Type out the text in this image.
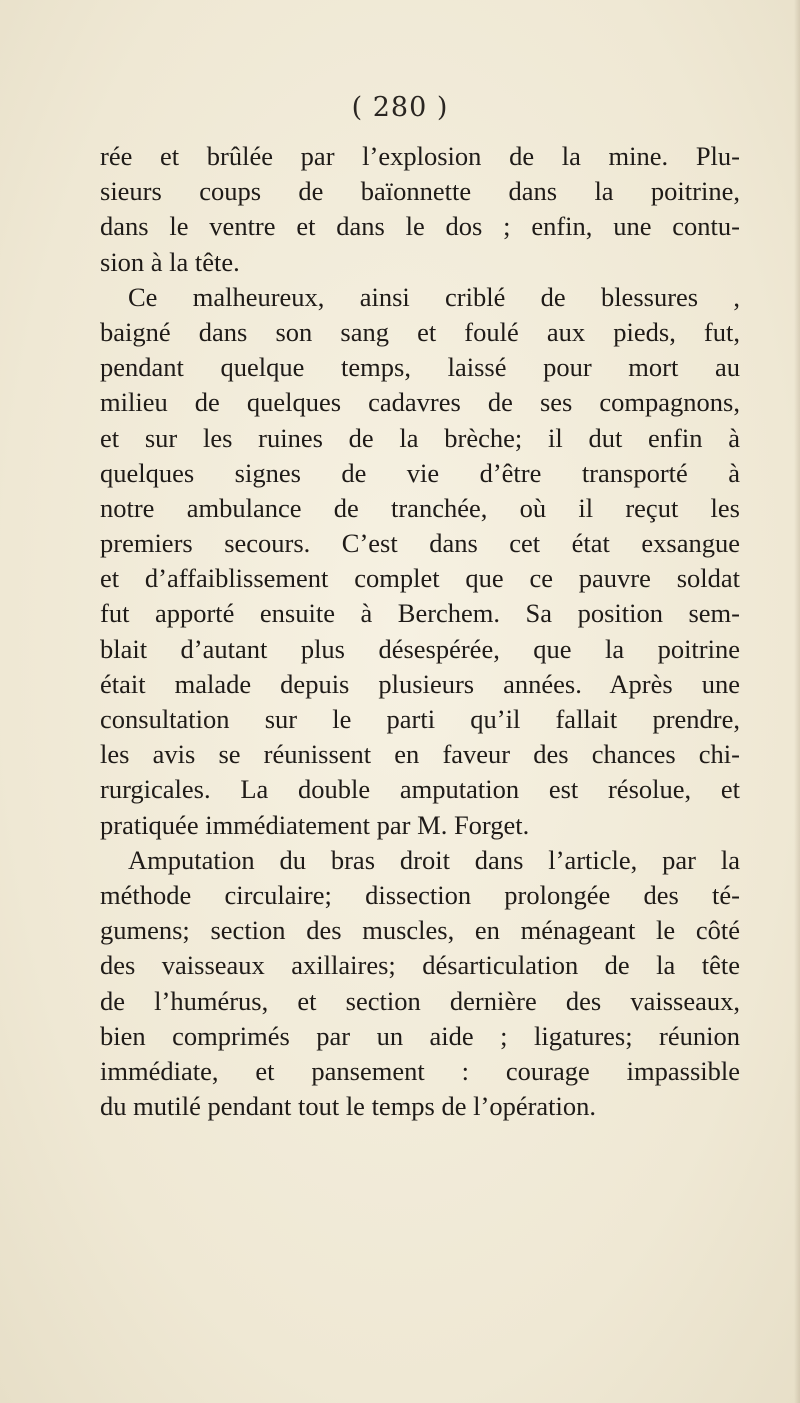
( 280 )
rée et brûlée par l’explosion de la mine. Plu-
sieurs coups de baïonnette dans la poitrine,
dans le ventre et dans le dos ; enfin, une contu-
sion à la tête.
Ce malheureux, ainsi criblé de blessures ,
baigné dans son sang et foulé aux pieds, fut,
pendant quelque temps, laissé pour mort au
milieu de quelques cadavres de ses compagnons,
et sur les ruines de la brèche; il dut enfin à
quelques signes de vie d’être transporté à
notre ambulance de tranchée, où il reçut les
premiers secours. C’est dans cet état exsangue
et d’affaiblissement complet que ce pauvre soldat
fut apporté ensuite à Berchem. Sa position sem-
blait d’autant plus désespérée, que la poitrine
était malade depuis plusieurs années. Après une
consultation sur le parti qu’il fallait prendre,
les avis se réunissent en faveur des chances chi-
rurgicales. La double amputation est résolue, et
pratiquée immédiatement par M. Forget.
Amputation du bras droit dans l’article, par la
méthode circulaire; dissection prolongée des té-
gumens; section des muscles, en ménageant le côté
des vaisseaux axillaires; désarticulation de la tête
de l’humérus, et section dernière des vaisseaux,
bien comprimés par un aide ; ligatures; réunion
immédiate, et pansement : courage impassible
du mutilé pendant tout le temps de l’opération.
